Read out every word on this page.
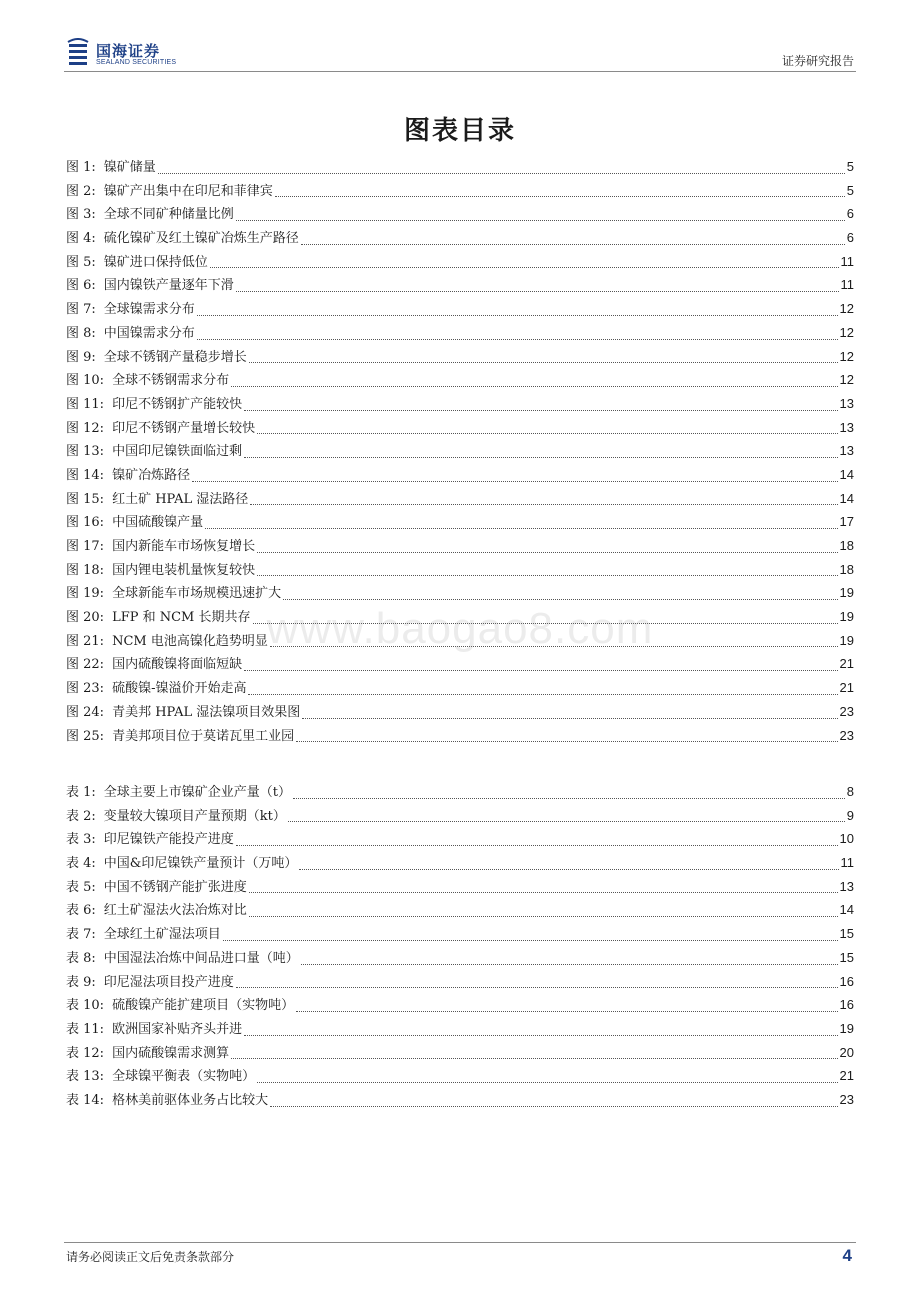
国海证券
SEALAND SECURITIES	证券研究报告
图表目录
图 1: 镍矿储量	5
图 2: 镍矿产出集中在印尼和菲律宾	5
图 3: 全球不同矿种储量比例	6
图 4: 硫化镍矿及红土镍矿冶炼生产路径	6
图 5: 镍矿进口保持低位	11
图 6: 国内镍铁产量逐年下滑	11
图 7: 全球镍需求分布	12
图 8: 中国镍需求分布	12
图 9: 全球不锈钢产量稳步增长	12
图 10: 全球不锈钢需求分布	12
图 11: 印尼不锈钢扩产能较快	13
图 12: 印尼不锈钢产量增长较快	13
图 13: 中国印尼镍铁面临过剩	13
图 14: 镍矿冶炼路径	14
图 15: 红土矿 HPAL 湿法路径	14
图 16: 中国硫酸镍产量	17
图 17: 国内新能车市场恢复增长	18
图 18: 国内锂电装机量恢复较快	18
图 19: 全球新能车市场规模迅速扩大	19
图 20: LFP 和 NCM 长期共存	19
图 21: NCM 电池高镍化趋势明显	19
图 22: 国内硫酸镍将面临短缺	21
图 23: 硫酸镍-镍溢价开始走高	21
图 24: 青美邦 HPAL 湿法镍项目效果图	23
图 25: 青美邦项目位于莫诺瓦里工业园	23
表 1: 全球主要上市镍矿企业产量（t）	8
表 2: 变量较大镍项目产量预期（kt）	9
表 3: 印尼镍铁产能投产进度	10
表 4: 中国&印尼镍铁产量预计（万吨）	11
表 5: 中国不锈钢产能扩张进度	13
表 6: 红土矿湿法火法冶炼对比	14
表 7: 全球红土矿湿法项目	15
表 8: 中国湿法冶炼中间品进口量（吨）	15
表 9: 印尼湿法项目投产进度	16
表 10: 硫酸镍产能扩建项目（实物吨）	16
表 11: 欧洲国家补贴齐头并进	19
表 12: 国内硫酸镍需求测算	20
表 13: 全球镍平衡表（实物吨）	21
表 14: 格林美前驱体业务占比较大	23
www.baogao8.com
请务必阅读正文后免责条款部分	4
